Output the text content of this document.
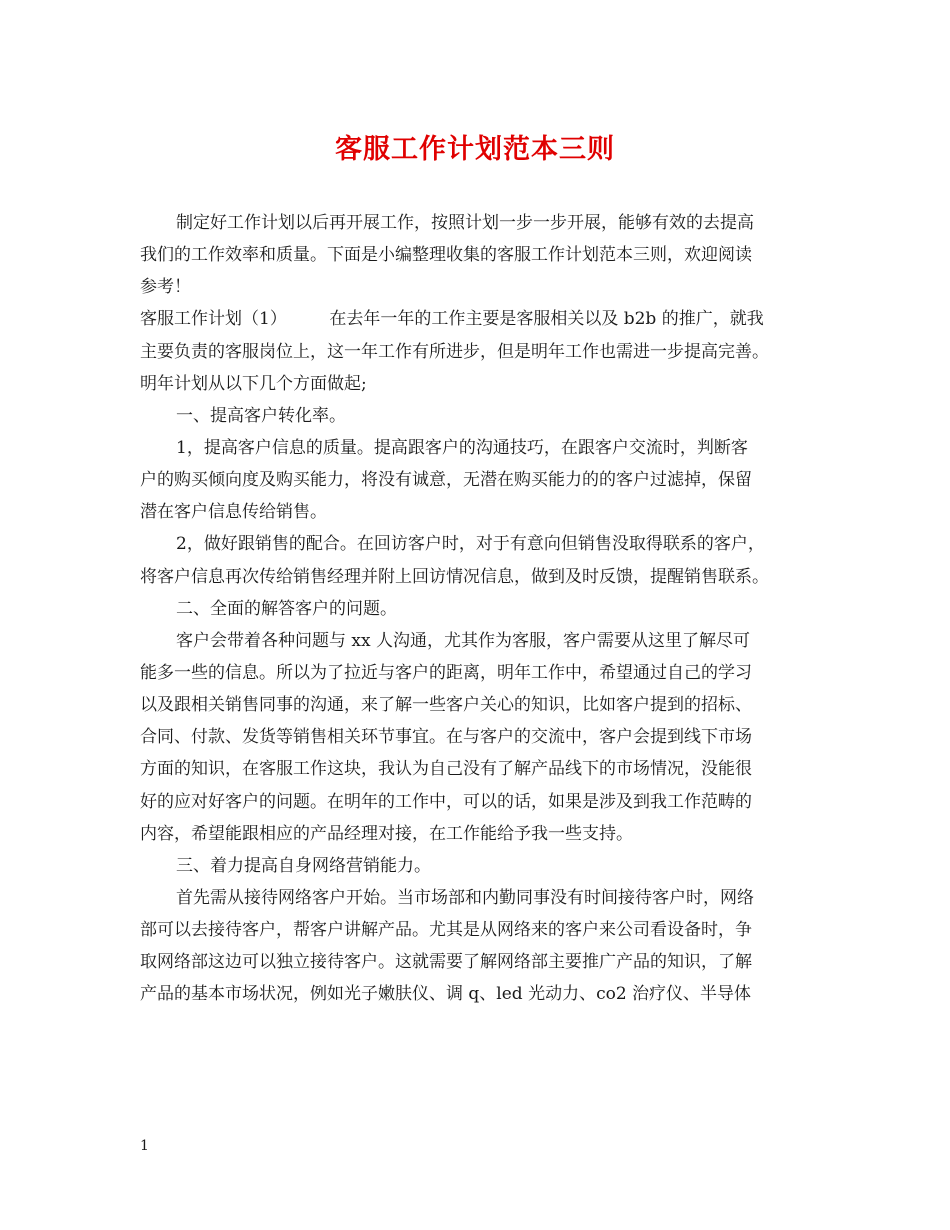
客服工作计划范本三则
制定好工作计划以后再开展工作，按照计划一步一步开展，能够有效的去提高
我们的工作效率和质量。下面是小编整理收集的客服工作计划范本三则，欢迎阅读
参考！
客服工作计划（1）　　　在去年一年的工作主要是客服相关以及 b2b 的推广，就我
主要负责的客服岗位上，这一年工作有所进步，但是明年工作也需进一步提高完善。
明年计划从以下几个方面做起;
一、提高客户转化率。
1，提高客户信息的质量。提高跟客户的沟通技巧，在跟客户交流时，判断客
户的购买倾向度及购买能力，将没有诚意，无潜在购买能力的的客户过滤掉，保留
潜在客户信息传给销售。
2，做好跟销售的配合。在回访客户时，对于有意向但销售没取得联系的客户，
将客户信息再次传给销售经理并附上回访情况信息，做到及时反馈，提醒销售联系。
二、全面的解答客户的问题。
客户会带着各种问题与 xx 人沟通，尤其作为客服，客户需要从这里了解尽可
能多一些的信息。所以为了拉近与客户的距离，明年工作中，希望通过自己的学习
以及跟相关销售同事的沟通，来了解一些客户关心的知识，比如客户提到的招标、
合同、付款、发货等销售相关环节事宜。在与客户的交流中，客户会提到线下市场
方面的知识，在客服工作这块，我认为自己没有了解产品线下的市场情况，没能很
好的应对好客户的问题。在明年的工作中，可以的话，如果是涉及到我工作范畴的
内容，希望能跟相应的产品经理对接，在工作能给予我一些支持。
三、着力提高自身网络营销能力。
首先需从接待网络客户开始。当市场部和内勤同事没有时间接待客户时，网络
部可以去接待客户，帮客户讲解产品。尤其是从网络来的客户来公司看设备时，争
取网络部这边可以独立接待客户。这就需要了解网络部主要推广产品的知识，了解
产品的基本市场状况，例如光子嫩肤仪、调 q、led 光动力、co2 治疗仪、半导体
1
